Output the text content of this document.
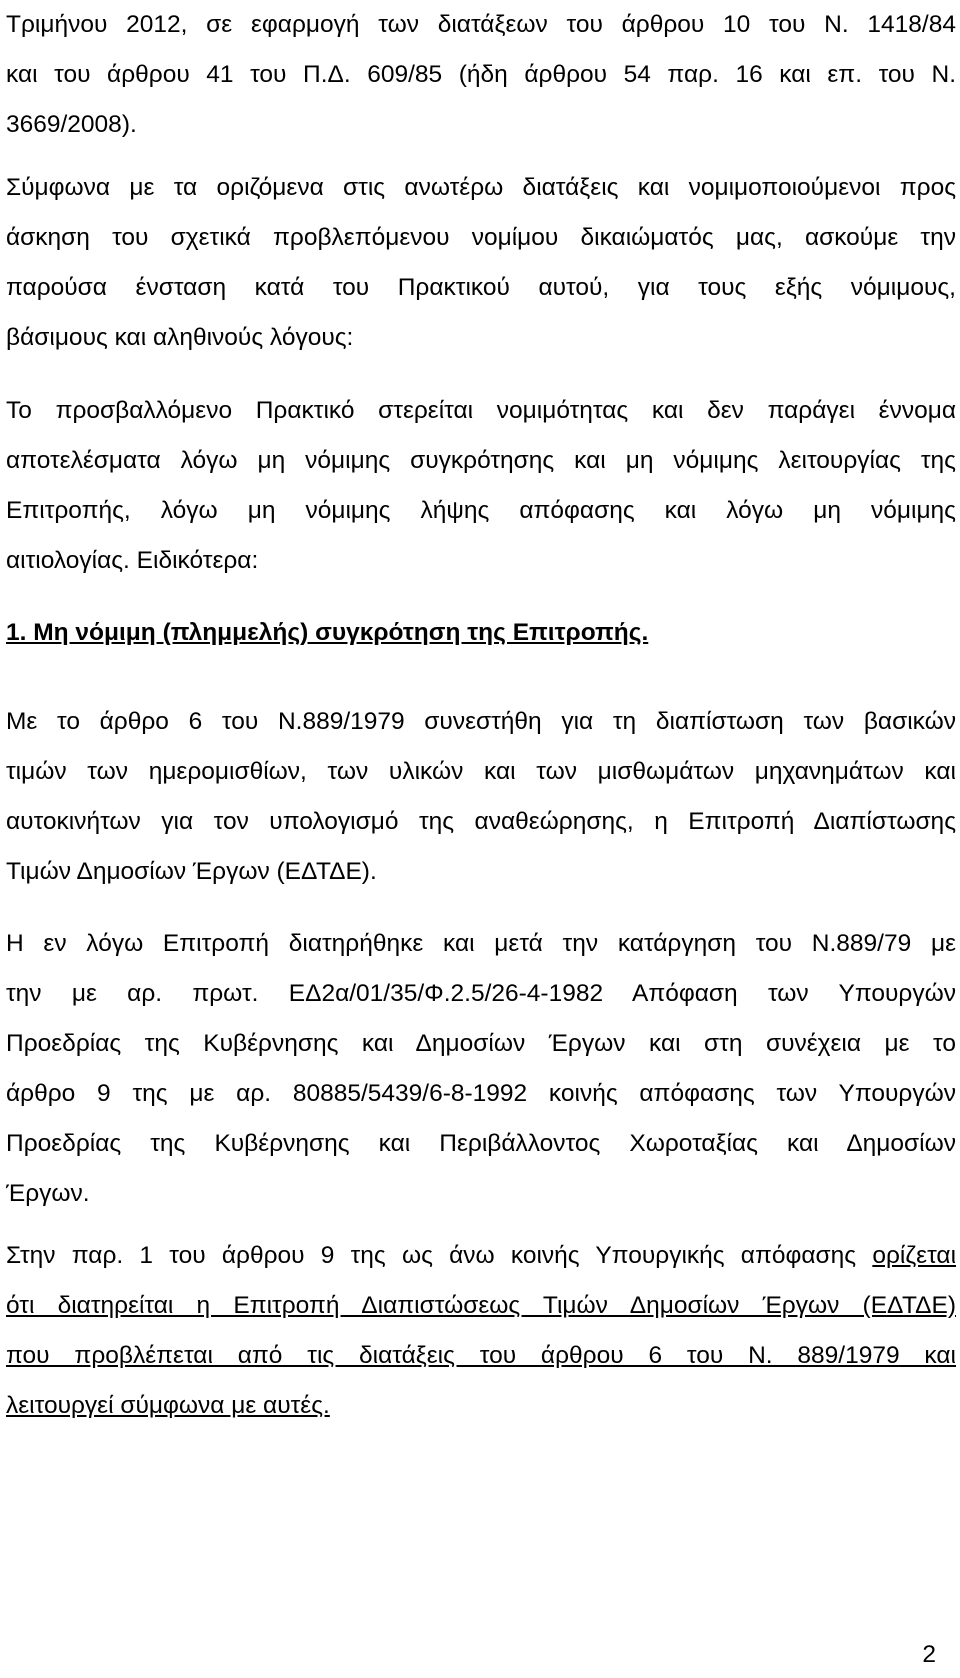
Τριμήνου 2012, σε εφαρμογή των διατάξεων του άρθρου 10 του Ν. 1418/84
και του άρθρου 41 του Π.Δ. 609/85 (ήδη άρθρου 54 παρ. 16 και επ. του Ν.
3669/2008).
Σύμφωνα με τα οριζόμενα στις ανωτέρω διατάξεις και νομιμοποιούμενοι προς
άσκηση του σχετικά προβλεπόμενου νομίμου δικαιώματός μας, ασκούμε την
παρούσα ένσταση κατά του Πρακτικού αυτού, για τους εξής νόμιμους,
βάσιμους και αληθινούς λόγους:
Το προσβαλλόμενο Πρακτικό στερείται νομιμότητας και δεν παράγει έννομα
αποτελέσματα λόγω μη νόμιμης συγκρότησης και μη νόμιμης λειτουργίας της
Επιτροπής, λόγω μη νόμιμης λήψης απόφασης και λόγω μη νόμιμης
αιτιολογίας. Ειδικότερα:
1. Μη νόμιμη (πλημμελής) συγκρότηση της Επιτροπής.
Με το άρθρο 6 του Ν.889/1979 συνεστήθη για τη διαπίστωση των βασικών
τιμών των ημερομισθίων, των υλικών και των μισθωμάτων μηχανημάτων και
αυτοκινήτων για τον υπολογισμό της αναθεώρησης, η Επιτροπή Διαπίστωσης
Τιμών Δημοσίων Έργων (ΕΔΤΔΕ).
Η εν λόγω Επιτροπή διατηρήθηκε και μετά την κατάργηση του Ν.889/79 με
την με αρ. πρωτ. ΕΔ2α/01/35/Φ.2.5/26-4-1982 Απόφαση των Υπουργών
Προεδρίας της Κυβέρνησης και Δημοσίων Έργων και στη συνέχεια με το
άρθρο 9 της με αρ. 80885/5439/6-8-1992 κοινής απόφασης των Υπουργών
Προεδρίας της Κυβέρνησης και Περιβάλλοντος Χωροταξίας και Δημοσίων
Έργων.
Στην παρ. 1 του άρθρου 9 της ως άνω κοινής Υπουργικής απόφασης ορίζεται
ότι διατηρείται η Επιτροπή Διαπιστώσεως Τιμών Δημοσίων Έργων (ΕΔΤΔΕ)
που προβλέπεται από τις διατάξεις του άρθρου 6 του Ν. 889/1979 και
λειτουργεί σύμφωνα με αυτές.
2
